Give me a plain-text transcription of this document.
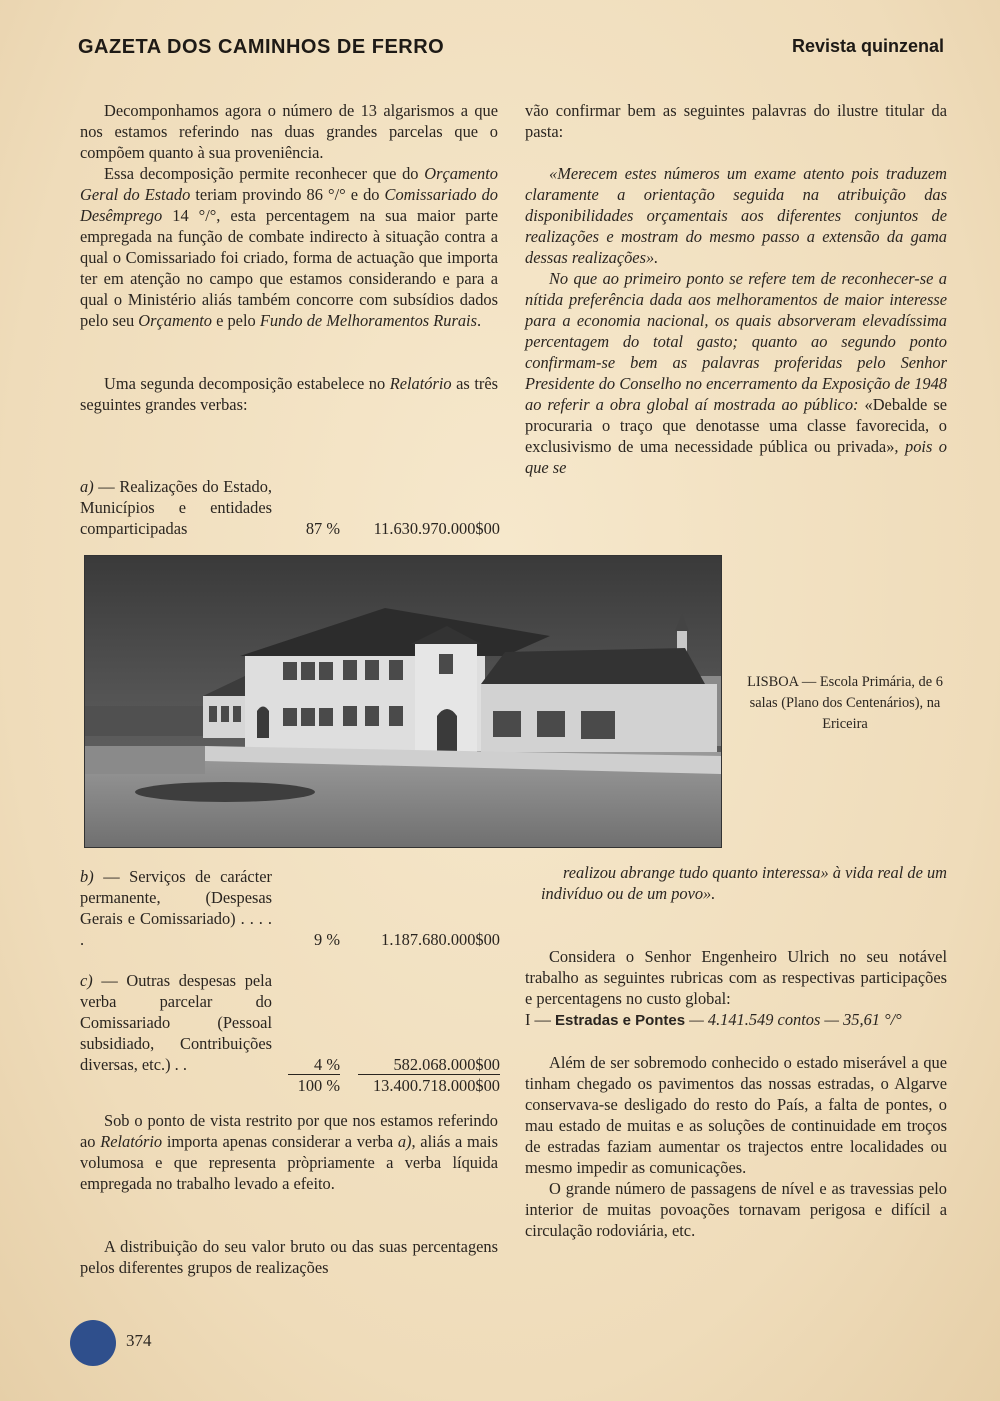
GAZETA DOS CAMINHOS DE FERRO	Revista quinzenal

Decomponhamos agora o número de 13 algarismos a que nos estamos referindo nas duas grandes parcelas que o compõem quanto à sua proveniência.

Essa decomposição permite reconhecer que do Orçamento Geral do Estado teriam provindo 86 °/° e do Comissariado do Desêmprego 14 °/°, esta percentagem na sua maior parte empregada na função de combate indirecto à situação contra a qual o Comissariado foi criado, forma de actuação que importa ter em atenção no campo que estamos considerando e para a qual o Ministério aliás também concorre com subsídios dados pelo seu Orçamento e pelo Fundo de Melhoramentos Rurais.

Uma segunda decomposição estabelece no Relatório as três seguintes grandes verbas:

a) — Realizações do Estado, Municípios e entidades comparticipadas	87 %	11.630.970.000$00
LISBOA — Escola Primária, de 6 salas (Plano dos Centenários), na Ericeira

vão confirmar bem as seguintes palavras do ilustre titular da pasta:

«Merecem estes números um exame atento pois traduzem claramente a orientação seguida na atribuição das disponibilidades orçamentais aos diferentes conjuntos de realizações e mostram do mesmo passo a extensão da gama dessas realizações».

No que ao primeiro ponto se refere tem de reconhecer-se a nítida preferência dada aos melhoramentos de maior interesse para a economia nacional, os quais absorveram elevadíssima percentagem do total gasto; quanto ao segundo ponto confirmam-se bem as palavras proferidas pelo Senhor Presidente do Conselho no encerramento da Exposição de 1948 ao referir a obra global aí mostrada ao público: «Debalde se procuraria o traço que denotasse uma classe favorecida, o exclusivismo de uma necessidade pública ou privada», pois o que se

b) — Serviços de carácter permanente, (Despesas Gerais e Comissariado) . . . . .	9 %	1.187.680.000$00
c) — Outras despesas pela verba parcelar do Comissariado (Pessoal subsidiado, Contribuições diversas, etc.) . .	4 %	582.068.000$00
100 %	13.400.718.000$00

Sob o ponto de vista restrito por que nos estamos referindo ao Relatório importa apenas considerar a verba a), aliás a mais volumosa e que representa pròpriamente a verba líquida empregada no trabalho levado a efeito.

A distribuição do seu valor bruto ou das suas percentagens pelos diferentes grupos de realizações

realizou abrange tudo quanto interessa» à vida real de um indivíduo ou de um povo».

Considera o Senhor Engenheiro Ulrich no seu notável trabalho as seguintes rubricas com as respectivas participações e percentagens no custo global:

I — Estradas e Pontes — 4.141.549 contos — 35,61 °/°

Além de ser sobremodo conhecido o estado miserável a que tinham chegado os pavimentos das nossas estradas, o Algarve conservava-se desligado do resto do País, a falta de pontes, o mau estado de muitas e as soluções de continuidade em troços de estradas faziam aumentar os trajectos entre localidades ou mesmo impedir as comunicações.

O grande número de passagens de nível e as travessias pelo interior de muitas povoações tornavam perigosa e difícil a circulação rodoviária, etc.

374
